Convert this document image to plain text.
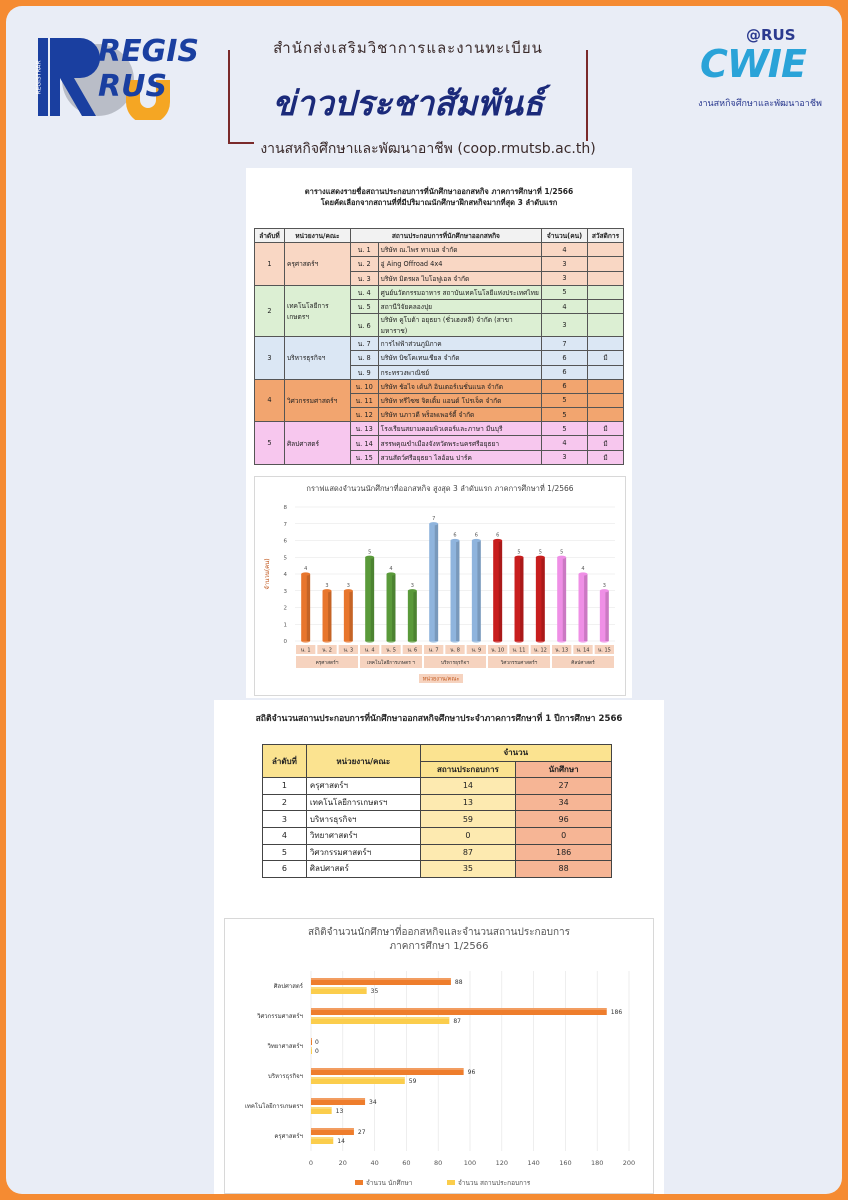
REGIS RUS
REGISTRAR
@RUS
CWIE
งานสหกิจศึกษาและพัฒนาอาชีพ
สำนักส่งเสริมวิชาการและงานทะเบียน
ข่าวประชาสัมพันธ์
งานสหกิจศึกษาและพัฒนาอาชีพ (coop.rmutsb.ac.th)
ตารางแสดงรายชื่อสถานประกอบการที่นักศึกษาออกสหกิจ ภาคการศึกษาที่ 1/2566
โดยคัดเลือกจากสถานที่ที่มีปริมาณนักศึกษาฝึกสหกิจมากที่สุด 3 ลำดับแรก
ลำดับที่	หน่วยงาน/คณะ	สถานประกอบการที่นักศึกษาออกสหกิจ		จำนวน(คน)	สวัสดิการ
1	ครุศาสตร์ฯ	น. 1	บริษัท ณ.ไพร ทาเนล จำกัด	4	
		น. 2	อู่ Aing Offroad 4x4	3	
		น. 3	บริษัท มิตรผล ไบโอฟูเอล จำกัด	3	
2	เทคโนโลยีการเกษตรฯ	น. 4	ศูนย์นวัตกรรมอาหาร สถาบันเทคโนโลยีแห่งประเทศไทย	5	
		น. 5	สถานีวิจัยคลองปุย	4	
		น. 6	บริษัท คูโบต้า อยุธยา (ชั่วเฮงหลี) จำกัด (สาขามหาราช)	3	
3	บริหารธุรกิจฯ	น. 7	การไฟฟ้าส่วนภูมิภาค	7	
		น. 8	บริษัท บิซโคเทนเชียล จำกัด	6	มี
		น. 9	กระทรวงพาณิชย์	6	
4	วิศวกรรมศาสตร์ฯ	น. 10	บริษัท ช้อไจ เด้นกิ อินเตอร์เนชั่นแนล จำกัด	6	
		น. 11	บริษัท ทรีไซซ จิตเติ้ม แอนด์ โปรเจ็ค จำกัด	5	
		น. 12	บริษัท นภาวดี พร็อพเพอร์ตี้ จำกัด	5	
5	ศิลปศาสตร์	น. 13	โรงเรียนสยามคอมพิวเตอร์และภาษา มีนบุรี	5	มี
		น. 14	สรรพคุณขำเมืองจังหวัดพระนครศรีอยุธยา	4	มี
		น. 15	สวนสัตว์ศรีอยุธยา ไลอ้อน ปาร์ค	3	มี
กราฟแสดงจำนวนนักศึกษาที่ออกสหกิจ สูงสุด 3 ลำดับแรก ภาคการศึกษาที่ 1/2566
0
1
2
3
4
5
6
7
8
จำนวน(คน)	4
น. 1
3
น. 2
3
น. 3
5
น. 4
4
น. 5
3
น. 6
7
น. 7
6
น. 8
6
น. 9
6
น. 10
5
น. 11
5
น. 12
5
น. 13
4
น. 14
3
น. 15
ครุศาสตร์ฯ	เทคโนโลยีการเกษตร ฯ	บริหารธุรกิจฯ	วิศวกรรมศาสตร์ฯ	ศิลปศาสตร์
หน่วยงาน/คณะ
สถิติจำนวนสถานประกอบการที่นักศึกษาออกสหกิจศึกษาประจำภาคการศึกษาที่ 1 ปีการศึกษา 2566
ลำดับที่	หน่วยงาน/คณะ	จำนวน	
		สถานประกอบการ	นักศึกษา
1	ครุศาสตร์ฯ	14	27
2	เทคโนโลยีการเกษตรฯ	13	34
3	บริหารธุรกิจฯ	59	96
4	วิทยาศาสตร์ฯ	0	0
5	วิศวกรรมศาสตร์ฯ	87	186
6	ศิลปศาสตร์	35	88
สถิติจำนวนนักศึกษาที่ออกสหกิจและจำนวนสถานประกอบการ
ภาคการศึกษา 1/2566
0	20	40	60	80	100	120	140	160	180	200
ศิลปศาสตร์
88
35
วิศวกรรมศาสตร์ฯ
186
87
วิทยาศาสตร์ฯ
0
0
บริหารธุรกิจฯ
96
59
เทคโนโลยีการเกษตรฯ
34
13
ครุศาสตร์ฯ
27
14
จำนวน นักศึกษา	จำนวน สถานประกอบการ
